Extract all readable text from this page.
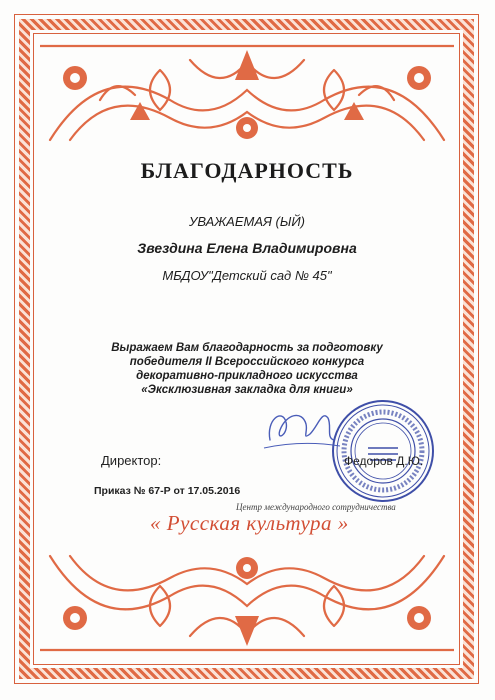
БЛАГОДАРНОСТЬ
УВАЖАЕМАЯ (ЫЙ)
Звездина Елена Владимировна
МБДОУ"Детский сад № 45"
Выражаем Вам благодарность за подготовку
победителя II Всероссийского конкурса
декоративно-прикладного искусства
«Эксклюзивная закладка для книги»
Директор:	Федоров Д.Ю.
Приказ № 67-Р от 17.05.2016
Центр международного сотрудничества
« Русская культура »
